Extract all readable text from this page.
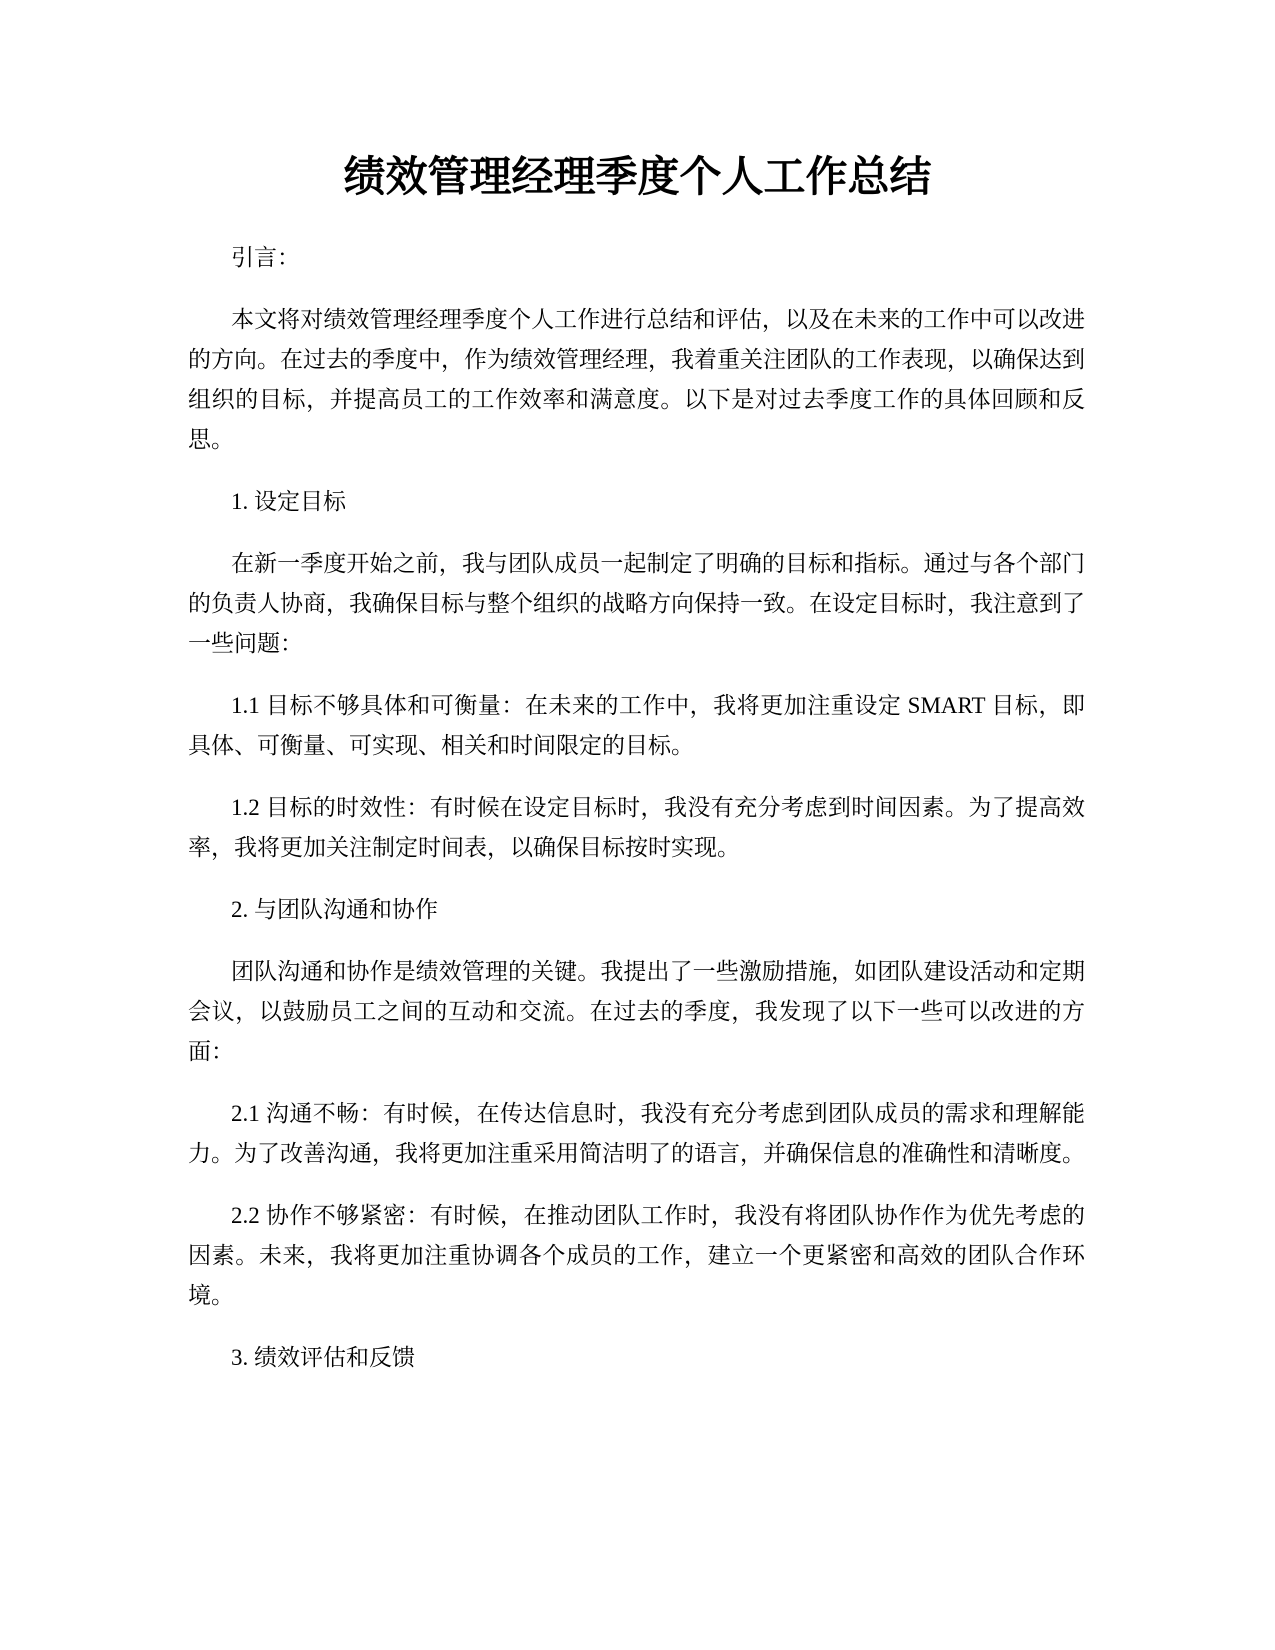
绩效管理经理季度个人工作总结

引言：

本文将对绩效管理经理季度个人工作进行总结和评估，以及在未来的工作中可以改进的方向。在过去的季度中，作为绩效管理经理，我着重关注团队的工作表现，以确保达到组织的目标，并提高员工的工作效率和满意度。以下是对过去季度工作的具体回顾和反思。

1. 设定目标

在新一季度开始之前，我与团队成员一起制定了明确的目标和指标。通过与各个部门的负责人协商，我确保目标与整个组织的战略方向保持一致。在设定目标时，我注意到了一些问题：

1.1 目标不够具体和可衡量：在未来的工作中，我将更加注重设定 SMART 目标，即具体、可衡量、可实现、相关和时间限定的目标。

1.2 目标的时效性：有时候在设定目标时，我没有充分考虑到时间因素。为了提高效率，我将更加关注制定时间表，以确保目标按时实现。

2. 与团队沟通和协作

团队沟通和协作是绩效管理的关键。我提出了一些激励措施，如团队建设活动和定期会议，以鼓励员工之间的互动和交流。在过去的季度，我发现了以下一些可以改进的方面：

2.1 沟通不畅：有时候，在传达信息时，我没有充分考虑到团队成员的需求和理解能力。为了改善沟通，我将更加注重采用简洁明了的语言，并确保信息的准确性和清晰度。

2.2 协作不够紧密：有时候，在推动团队工作时，我没有将团队协作作为优先考虑的因素。未来，我将更加注重协调各个成员的工作，建立一个更紧密和高效的团队合作环境。

3. 绩效评估和反馈
